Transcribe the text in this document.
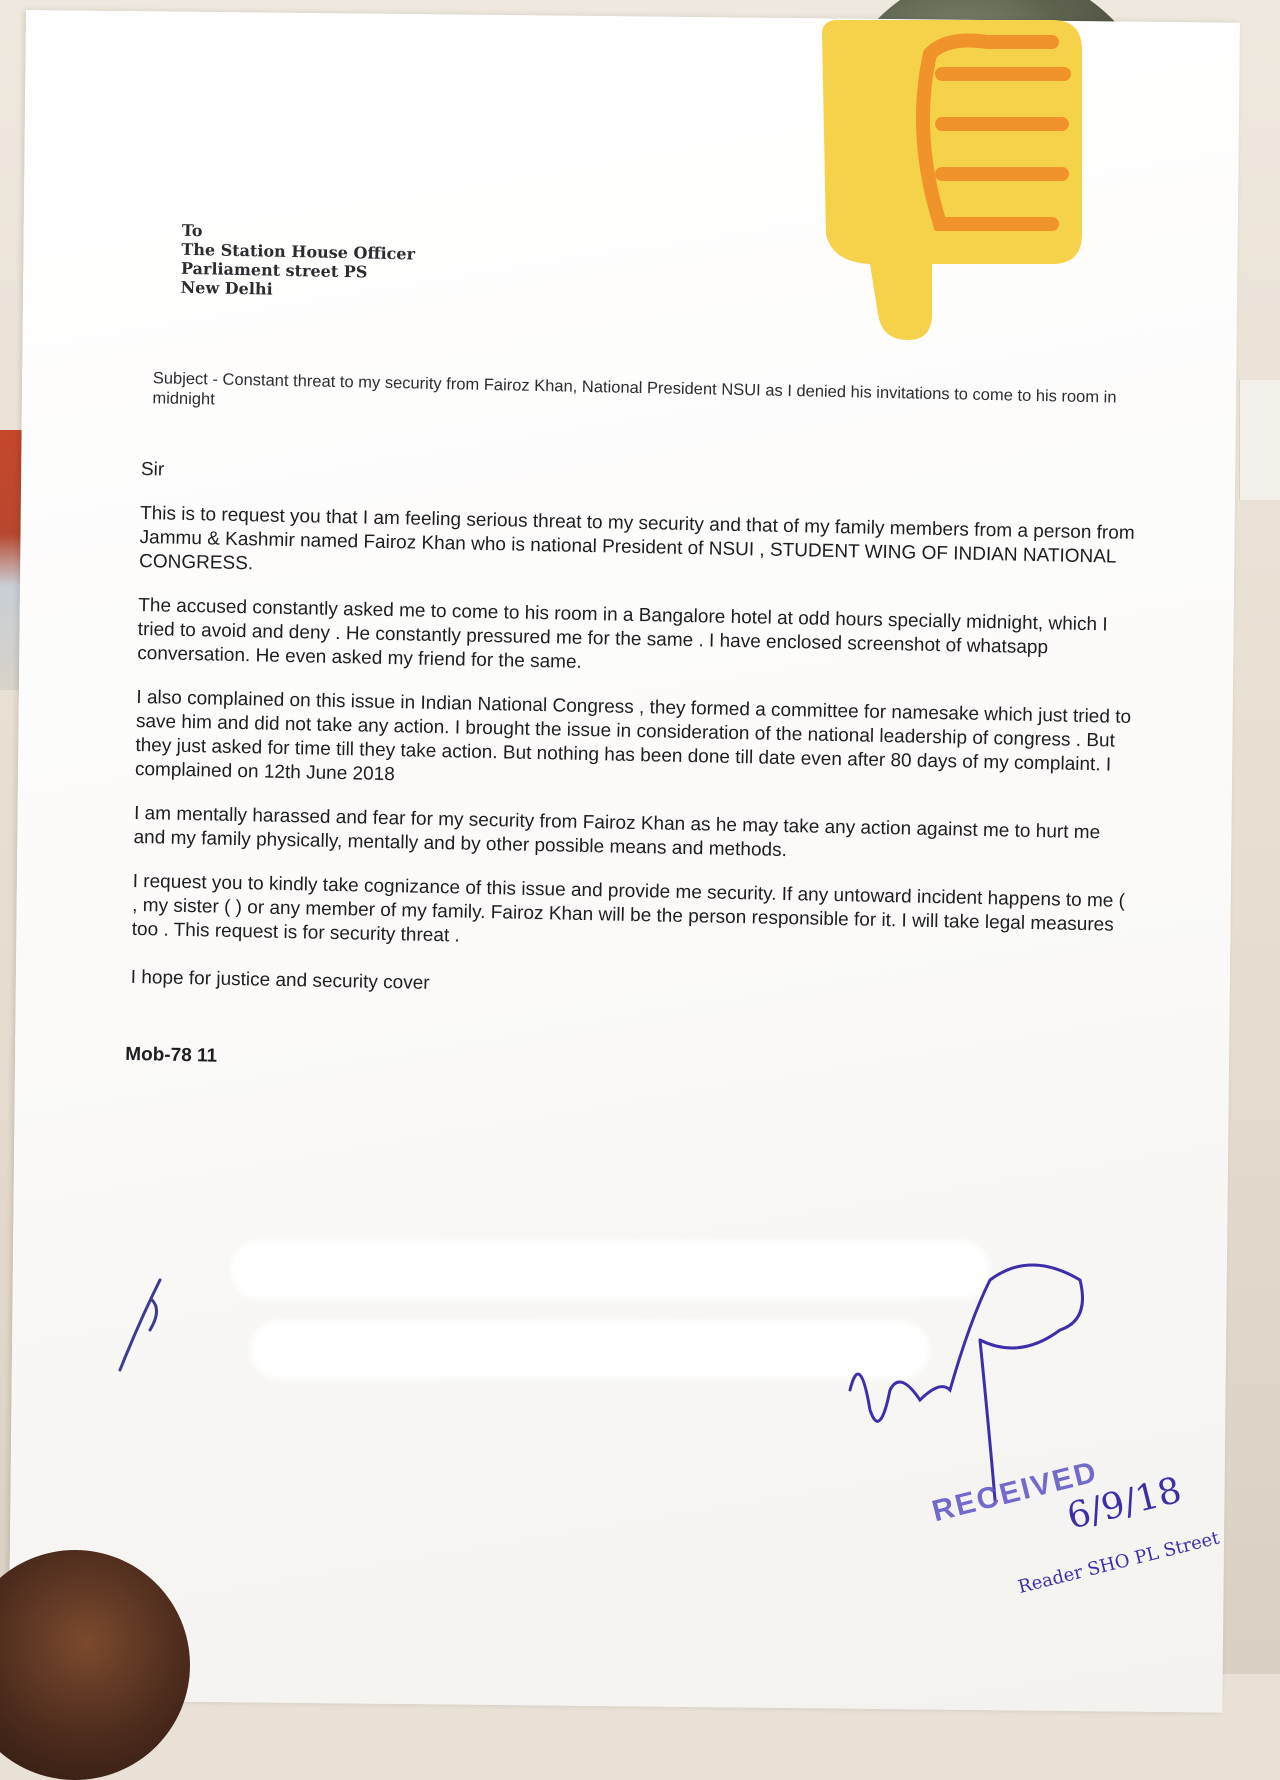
To
The Station House Officer
Parliament street PS
New Delhi
Subject - Constant threat to my security from Fairoz Khan, National President NSUI as I denied his invitations to come to his room in midnight
Sir
This is to request you that I am feeling serious threat to my security and that of my family members from a person from Jammu & Kashmir named Fairoz Khan who is national President of NSUI , STUDENT WING OF INDIAN NATIONAL CONGRESS.
The accused constantly asked me to come to his room in a Bangalore hotel at odd hours specially midnight, which I tried to avoid and deny . He constantly pressured me for the same . I have enclosed screenshot of whatsapp conversation. He even asked my friend for the same.
I also complained on this issue in Indian National Congress , they formed a committee for namesake which just tried to save him and did not take any action. I brought the issue in consideration of the national leadership of congress . But they just asked for time till they take action. But nothing has been done till date even after 80 days of my complaint. I complained on 12th June 2018
I am mentally harassed and fear for my security from Fairoz Khan as he may take any action against me to hurt me and my family physically, mentally and by other possible means and methods.
I request you to kindly take cognizance of this issue and provide me security. If any untoward incident happens to me ( , my sister ( ) or any member of my family. Fairoz Khan will be the person responsible for it. I will take legal measures too . This request is for security threat .
I hope for justice and security cover
Mob-78 11
RECEIVED
6/9/18
Reader SHO PL Street
